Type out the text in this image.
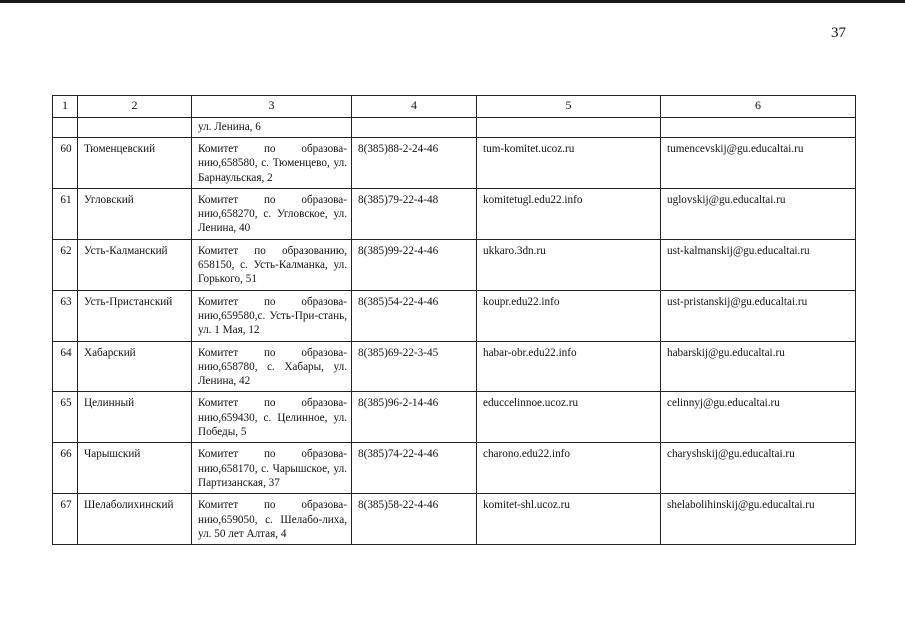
37
1	2	3	4	5	6
		ул. Ленина, 6			
60	Тюменцевский	Комитет по образова-нию,658580, с. Тюменцево, ул. Барнаульская, 2	8(385)88-2-24-46	tum-komitet.ucoz.ru	tumencevskij@gu.educaltai.ru
61	Угловский	Комитет по образова-нию,658270, с. Угловское, ул. Ленина, 40	8(385)79-22-4-48	komitetugl.edu22.info	uglovskij@gu.educaltai.ru
62	Усть-Калманский	Комитет по образованию, 658150, с. Усть-Калманка, ул. Горького, 51	8(385)99-22-4-46	ukkaro.3dn.ru	ust-kalmanskij@gu.educaltai.ru
63	Усть-Пристанский	Комитет по образова-нию,659580,с. Усть-При-стань, ул. 1 Мая, 12	8(385)54-22-4-46	koupr.edu22.info	ust-pristanskij@gu.educaltai.ru
64	Хабарский	Комитет по образова-нию,658780, с. Хабары, ул. Ленина, 42	8(385)69-22-3-45	habar-obr.edu22.info	habarskij@gu.educaltai.ru
65	Целинный	Комитет по образова-нию,659430, с. Целинное, ул. Победы, 5	8(385)96-2-14-46	educcelinnoe.ucoz.ru	celinnyj@gu.educaltai.ru
66	Чарышский	Комитет по образова-нию,658170, с. Чарышское, ул. Партизанская, 37	8(385)74-22-4-46	charono.edu22.info	charyshskij@gu.educaltai.ru
67	Шелаболихинский	Комитет по образова-нию,659050, с. Шелабо-лиха, ул. 50 лет Алтая, 4	8(385)58-22-4-46	komitet-shl.ucoz.ru	shelabolihinskij@gu.educaltai.ru
